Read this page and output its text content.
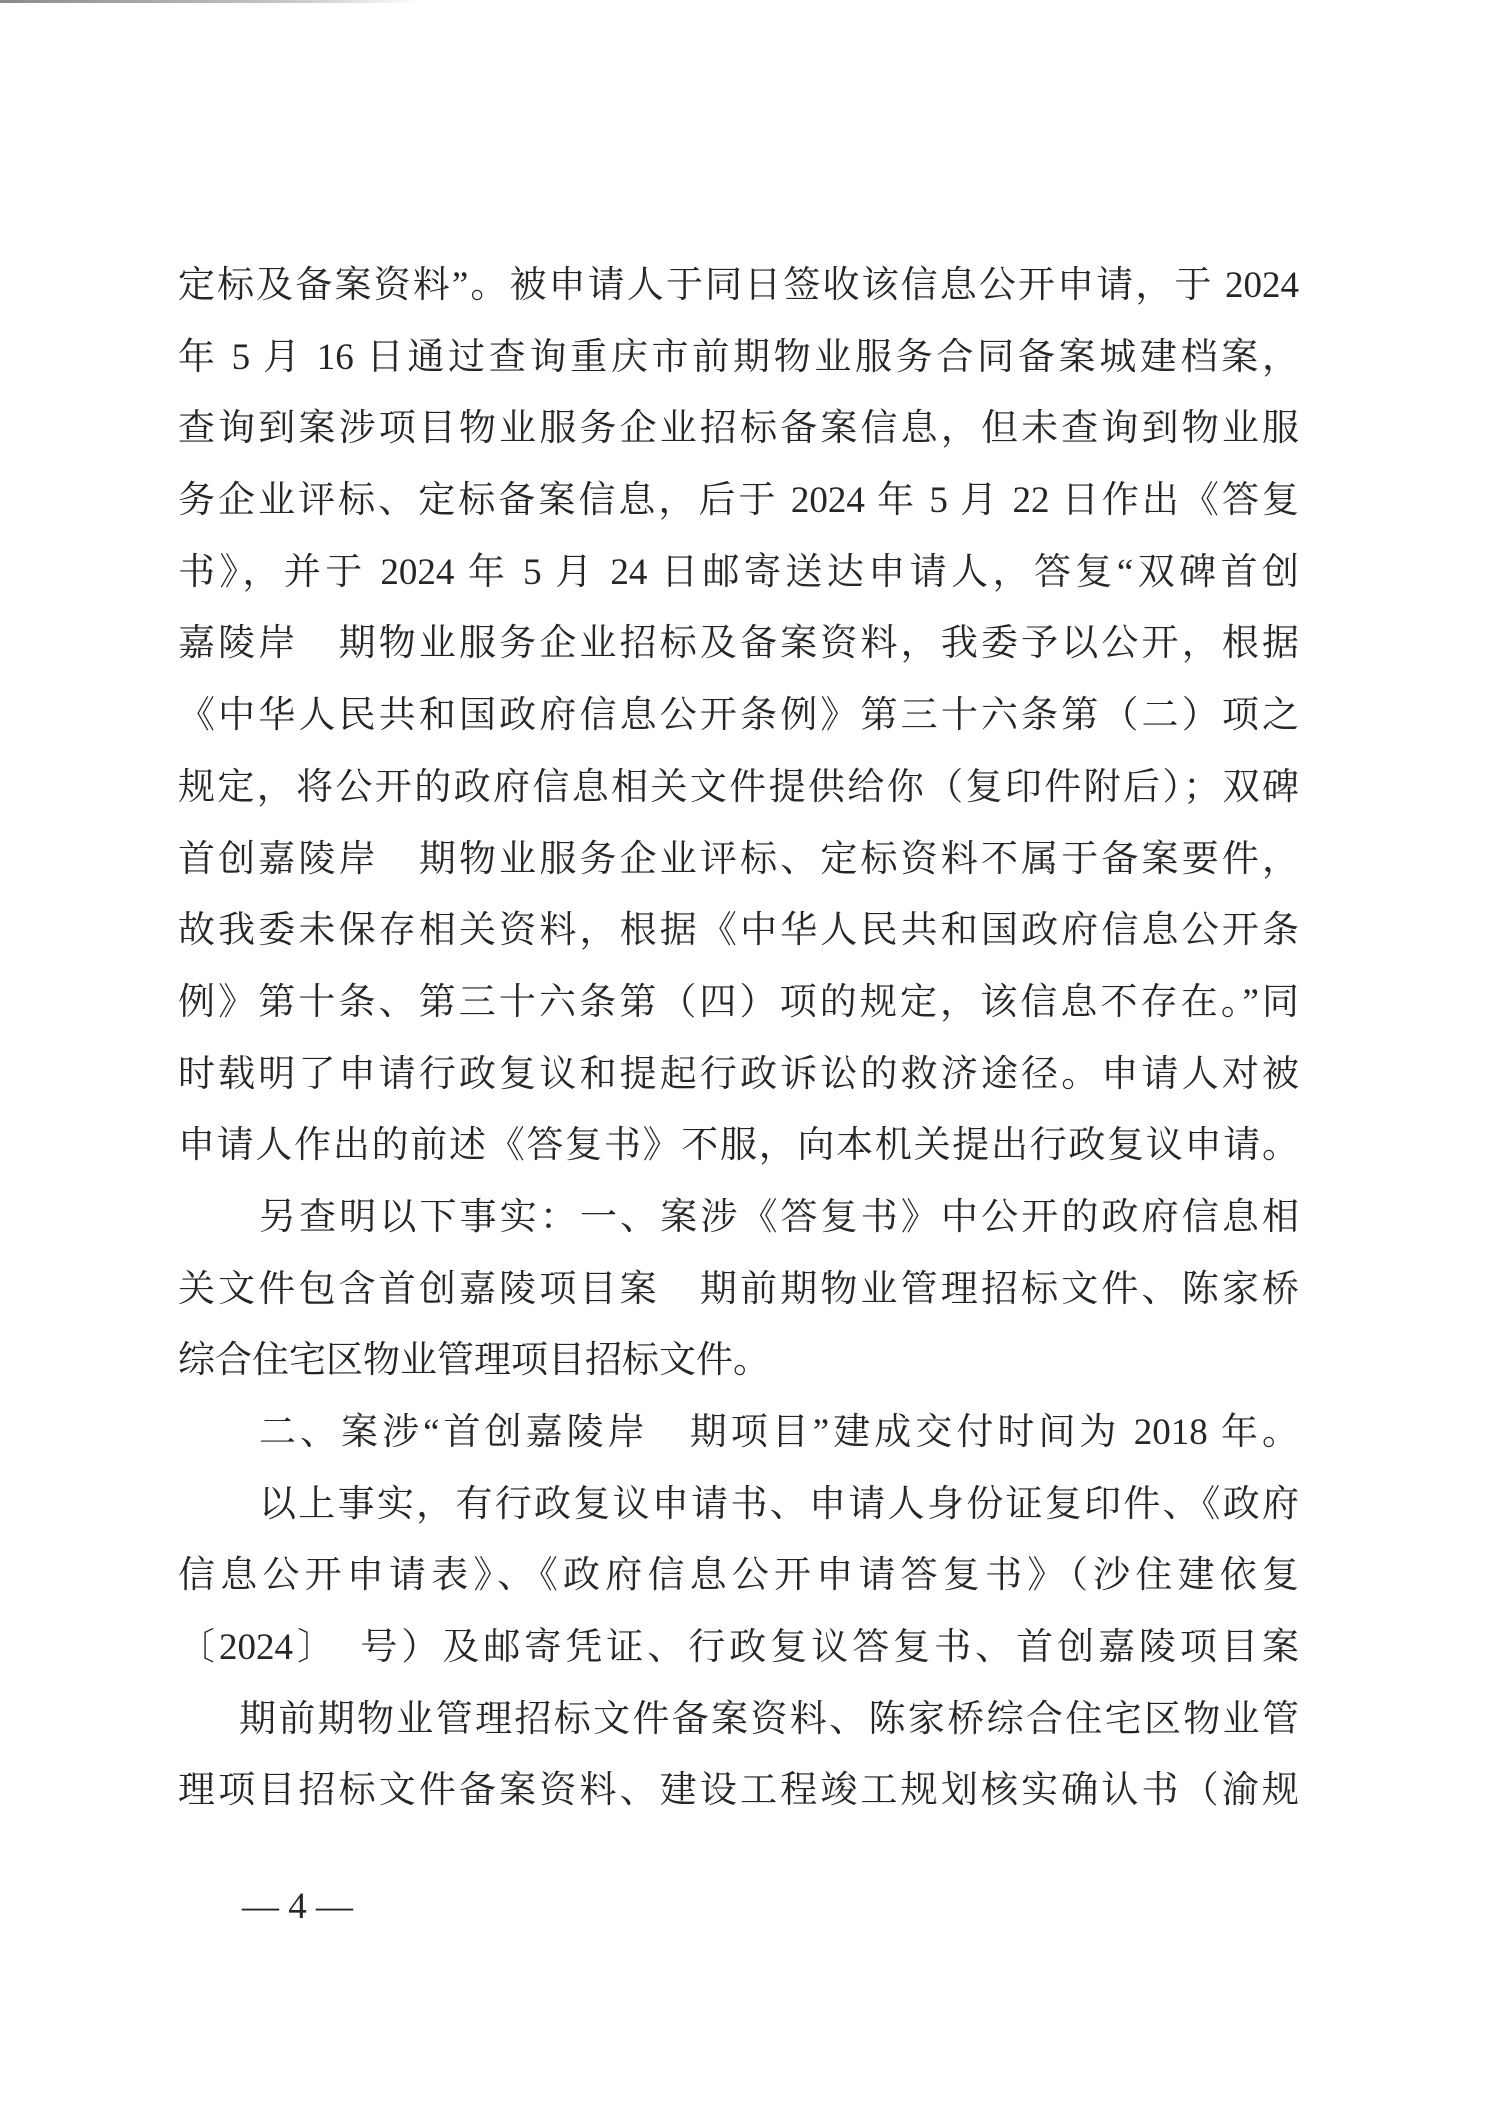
定标及备案资料”。被申请人于同日签收该信息公开申请，于 2024
年 5 月 16 日通过查询重庆市前期物业服务合同备案城建档案，
查询到案涉项目物业服务企业招标备案信息，但未查询到物业服
务企业评标、定标备案信息，后于 2024 年 5 月 22 日作出《答复
书》，并于 2024 年 5 月 24 日邮寄送达申请人，答复“双碑首创
嘉陵岸　期物业服务企业招标及备案资料，我委予以公开，根据
《中华人民共和国政府信息公开条例》第三十六条第（二）项之
规定，将公开的政府信息相关文件提供给你（复印件附后）；双碑
首创嘉陵岸　期物业服务企业评标、定标资料不属于备案要件，
故我委未保存相关资料，根据《中华人民共和国政府信息公开条
例》第十条、第三十六条第（四）项的规定，该信息不存在。”同
时载明了申请行政复议和提起行政诉讼的救济途径。申请人对被
申请人作出的前述《答复书》不服，向本机关提出行政复议申请。
另查明以下事实：一、案涉《答复书》中公开的政府信息相
关文件包含首创嘉陵项目案　期前期物业管理招标文件、陈家桥
综合住宅区物业管理项目招标文件。
二、案涉“首创嘉陵岸　期项目”建成交付时间为 2018 年。
以上事实，有行政复议申请书、申请人身份证复印件、《政府
信息公开申请表》、《政府信息公开申请答复书》（沙住建依复
〔2024〕　号）及邮寄凭证、行政复议答复书、首创嘉陵项目案
期前期物业管理招标文件备案资料、陈家桥综合住宅区物业管
理项目招标文件备案资料、建设工程竣工规划核实确认书（渝规
— 4 —
